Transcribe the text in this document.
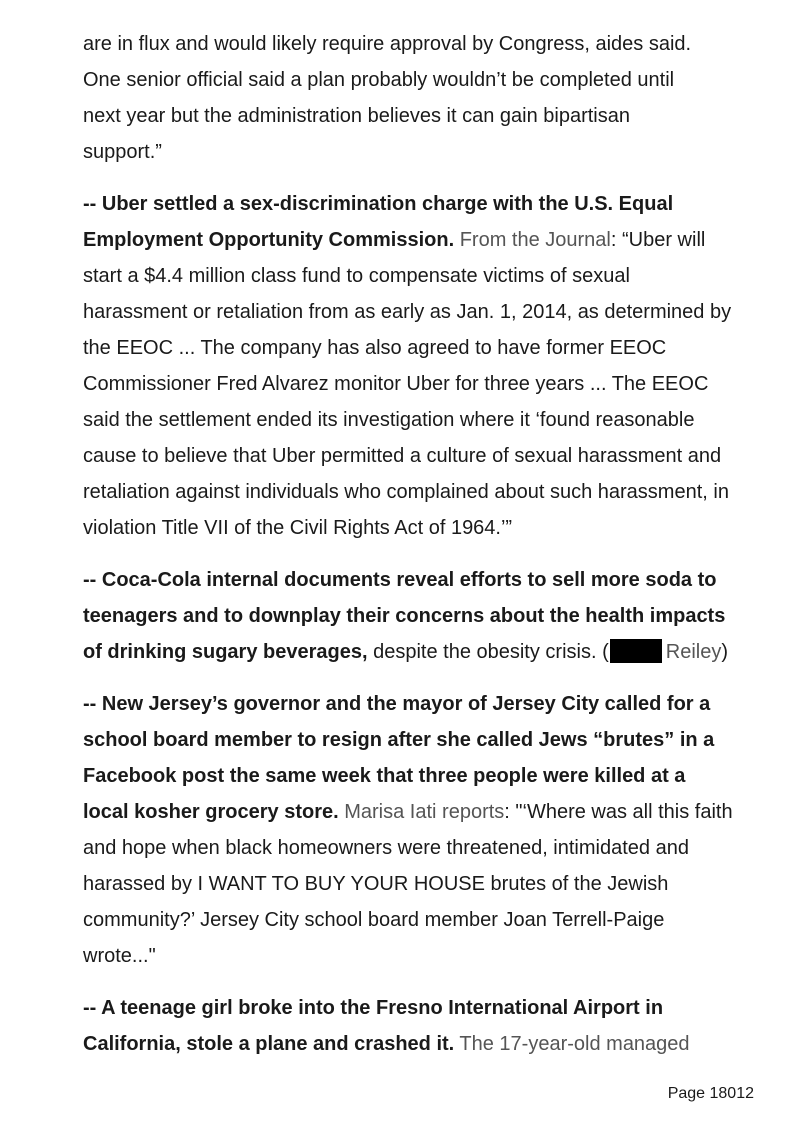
are in flux and would likely require approval by Congress, aides said.
One senior official said a plan probably wouldn’t be completed until
next year but the administration believes it can gain bipartisan
support.”
-- Uber settled a sex-discrimination charge with the U.S. Equal Employment Opportunity Commission. From the Journal: “Uber will start a $4.4 million class fund to compensate victims of sexual harassment or retaliation from as early as Jan. 1, 2014, as determined by the EEOC ... The company has also agreed to have former EEOC Commissioner Fred Alvarez monitor Uber for three years ... The EEOC said the settlement ended its investigation where it ‘found reasonable cause to believe that Uber permitted a culture of sexual harassment and retaliation against individuals who complained about such harassment, in violation Title VII of the Civil Rights Act of 1964.’”
-- Coca-Cola internal documents reveal efforts to sell more soda to teenagers and to downplay their concerns about the health impacts of drinking sugary beverages, despite the obesity crisis. (	Reiley)
-- New Jersey’s governor and the mayor of Jersey City called for a school board member to resign after she called Jews “brutes” in a Facebook post the same week that three people were killed at a local kosher grocery store. Marisa Iati reports: "‘Where was all this faith and hope when black homeowners were threatened, intimidated and harassed by I WANT TO BUY YOUR HOUSE brutes of the Jewish community?’ Jersey City school board member Joan Terrell-Paige wrote..."
-- A teenage girl broke into the Fresno International Airport in California, stole a plane and crashed it. The 17-year-old managed
Page 18012
